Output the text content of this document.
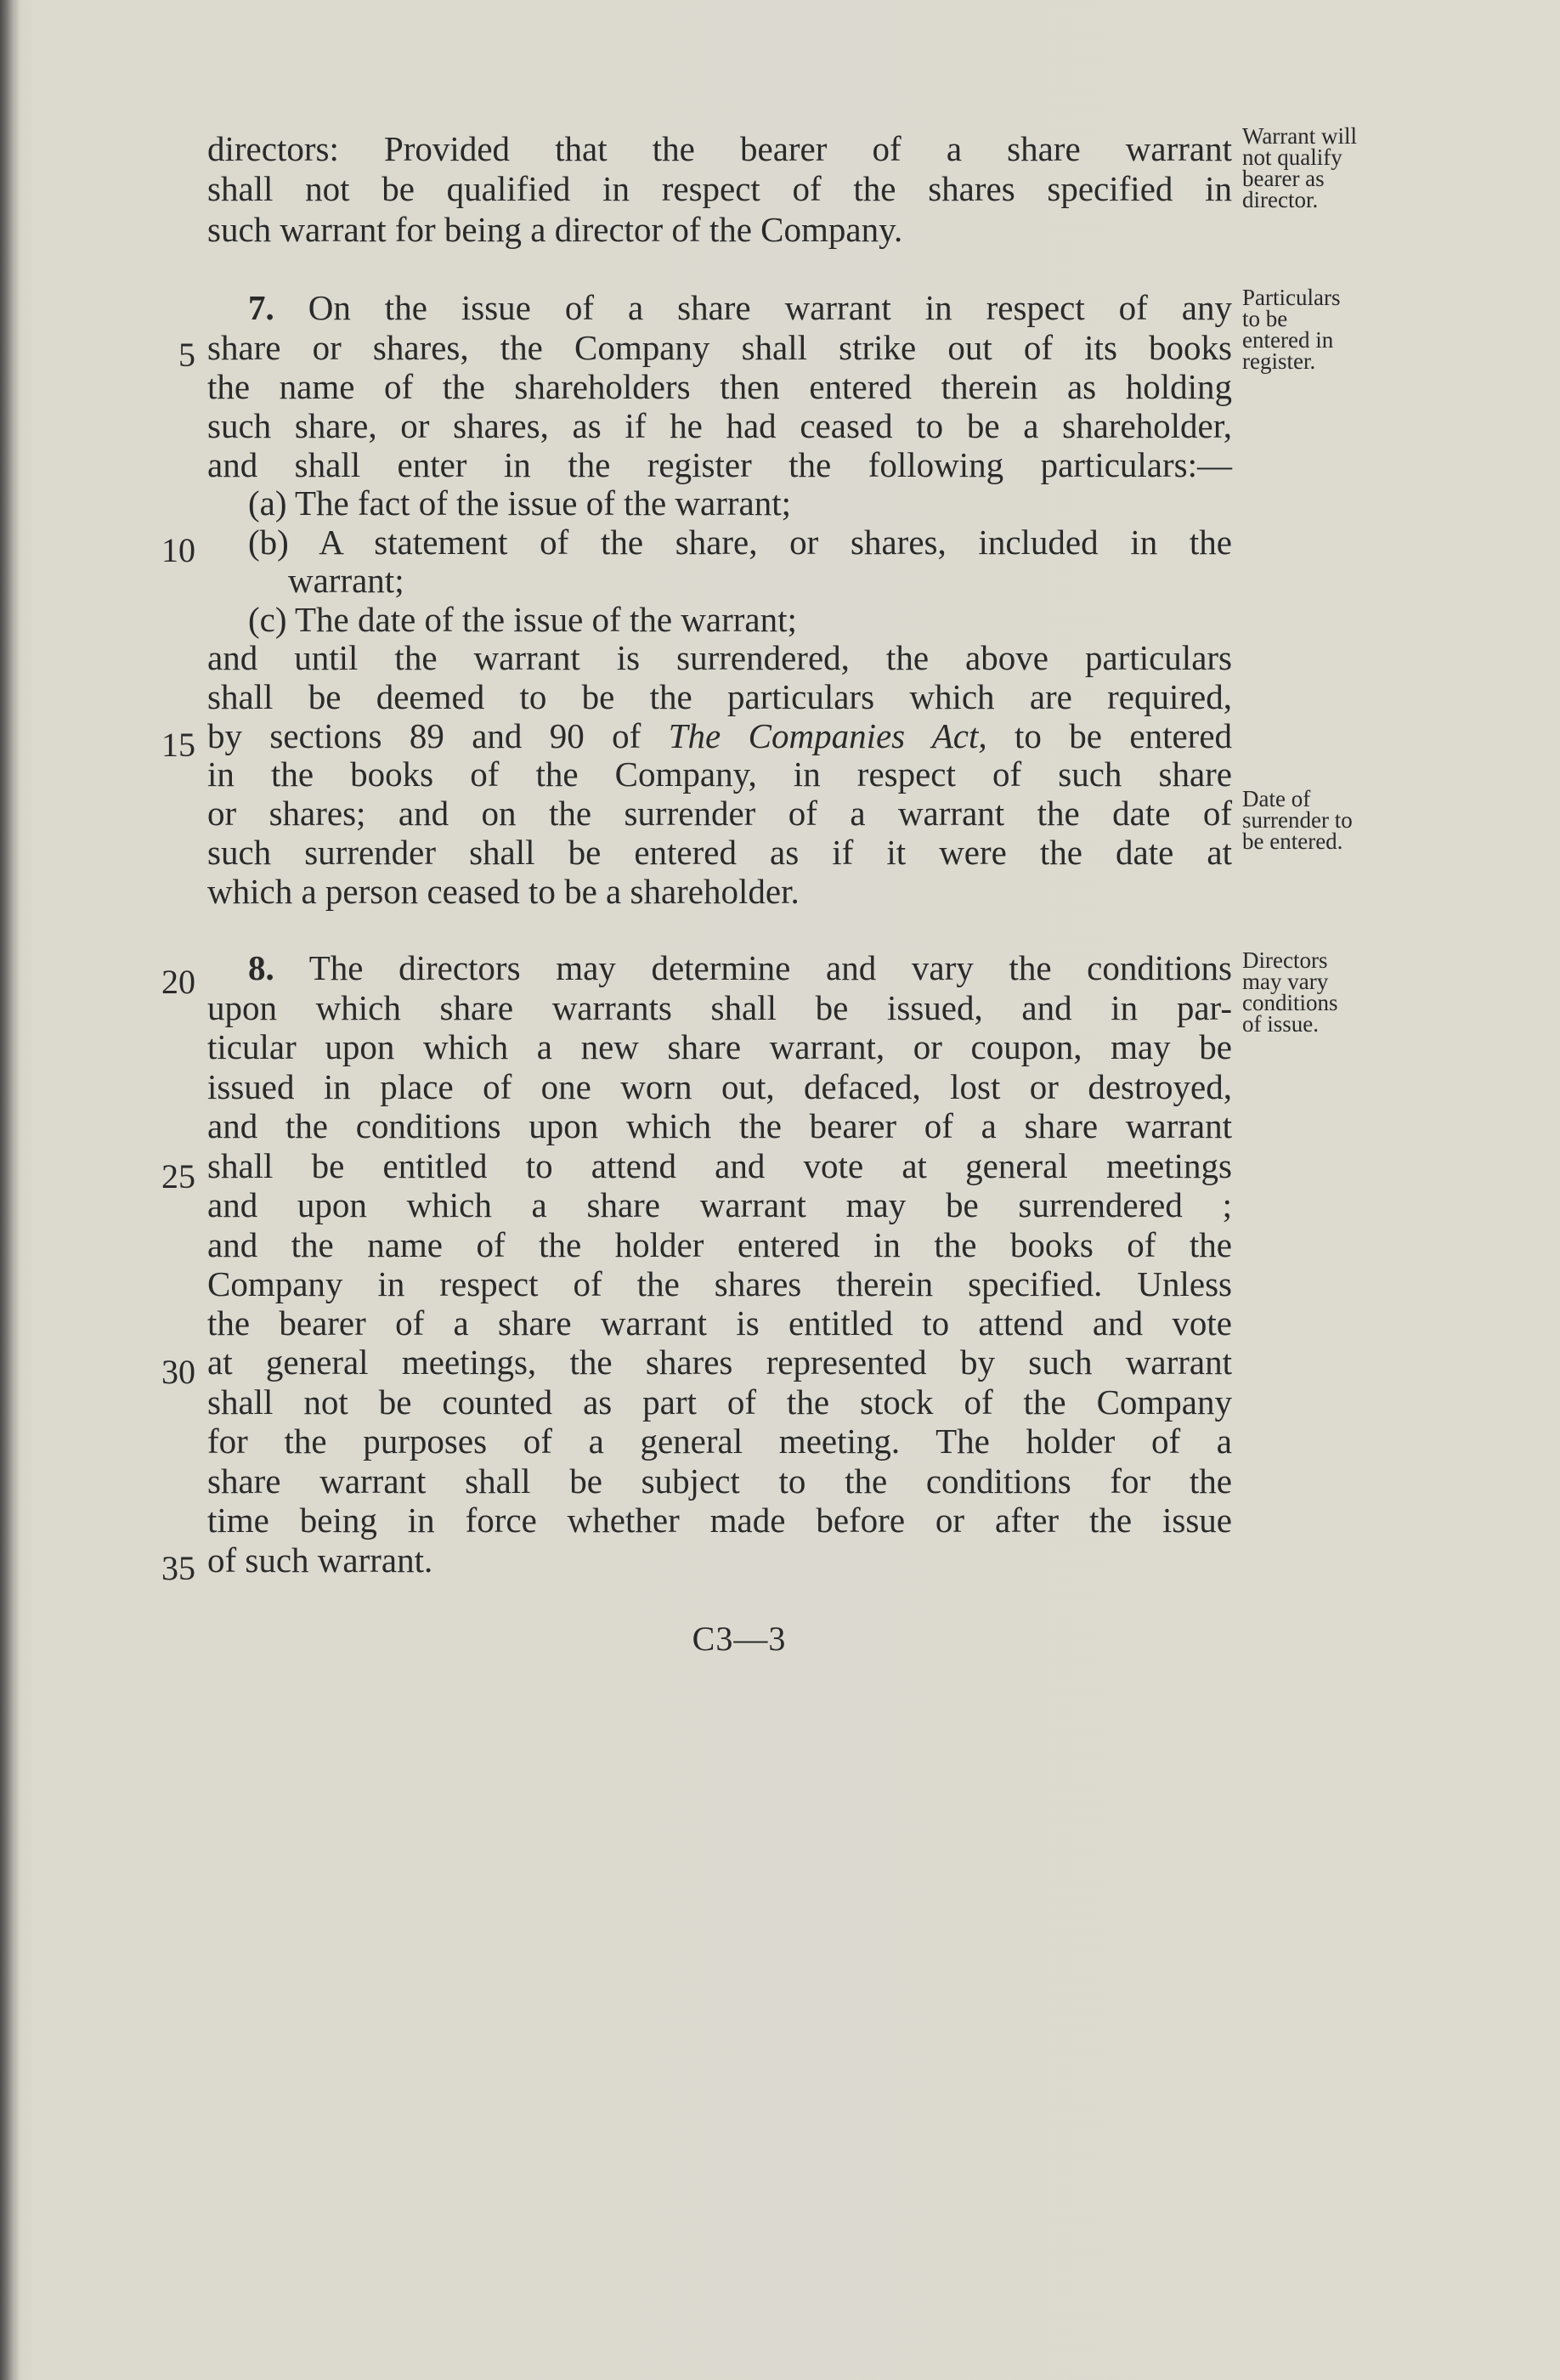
directors: Provided that the bearer of a share warrant
shall not be qualified in respect of the shares specified in
such warrant for being a director of the Company.
7. On the issue of a share warrant in respect of any
share or shares, the Company shall strike out of its books
the name of the shareholders then entered therein as holding
such share, or shares, as if he had ceased to be a shareholder,
and shall enter in the register the following particulars:—
(a) The fact of the issue of the warrant;
(b) A statement of the share, or shares, included in the
warrant;
(c) The date of the issue of the warrant;
and until the warrant is surrendered, the above particulars
shall be deemed to be the particulars which are required,
by sections 89 and 90 of The Companies Act, to be entered
in the books of the Company, in respect of such share
or shares; and on the surrender of a warrant the date of
such surrender shall be entered as if it were the date at
which a person ceased to be a shareholder.
8. The directors may determine and vary the conditions
upon which share warrants shall be issued, and in par-
ticular upon which a new share warrant, or coupon, may be
issued in place of one worn out, defaced, lost or destroyed,
and the conditions upon which the bearer of a share warrant
shall be entitled to attend and vote at general meetings
and upon which a share warrant may be surrendered ;
and the name of the holder entered in the books of the
Company in respect of the shares therein specified. Unless
the bearer of a share warrant is entitled to attend and vote
at general meetings, the shares represented by such warrant
shall not be counted as part of the stock of the Company
for the purposes of a general meeting. The holder of a
share warrant shall be subject to the conditions for the
time being in force whether made before or after the issue
of such warrant.
5
10
15
20
25
30
35
Warrant will
not qualify
bearer as
director.
Particulars
to be
entered in
register.
Date of
surrender to
be entered.
Directors
may vary
conditions
of issue.
C3—3
